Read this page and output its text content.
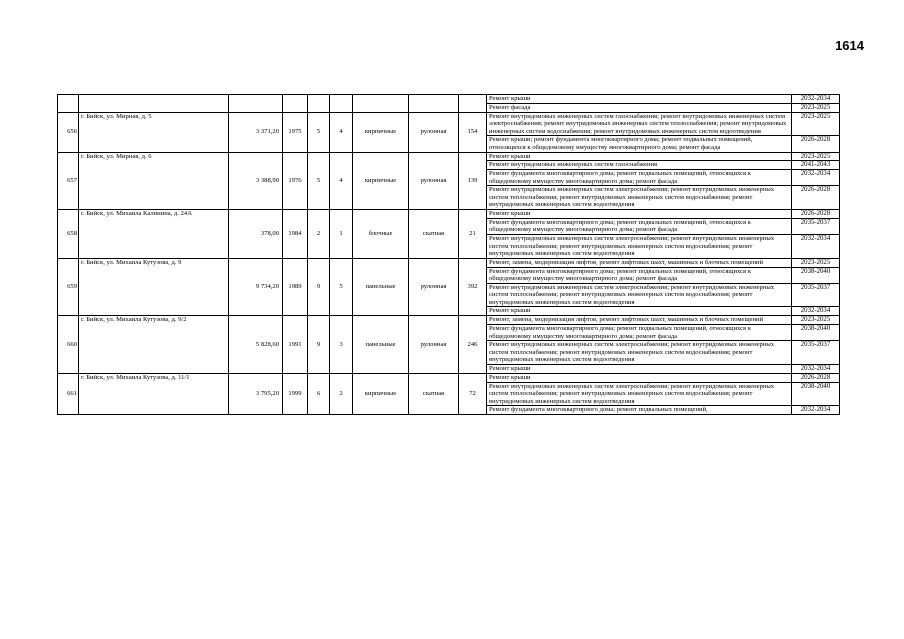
1614
									Ремонт крыши	2032-2034
									Ремонт фасада	2023-2025
656	г. Бийск, ул. Мирная, д. 5	3 371,20	1975	5	4	кирпичные	рулонная	154	Ремонт внутридомовых инженерных систем газоснабжения; ремонт внутридомовых инженерных систем электроснабжения; ремонт внутридомовых инженерных систем теплоснабжения; ремонт внутридомовых инженерных систем водоснабжения; ремонт внутридомовых инженерных систем водоотведения	2023-2025
									Ремонт крыши; ремонт фундамента многоквартирного дома; ремонт подвальных помещений, относящихся к общедомовому имуществу многоквартирного дома; ремонт фасада	2026-2028
657	г. Бийск, ул. Мирная, д. 6	3 388,90	1976	5	4	кирпичные	рулонная	139	Ремонт крыши	2023-2025
									Ремонт внутридомовых инженерных систем газоснабжения	2041-2043
									Ремонт фундамента многоквартирного дома; ремонт подвальных помещений, относящихся к общедомовому имуществу многоквартирного дома; ремонт фасада	2032-2034
									Ремонт внутридомовых инженерных систем электроснабжения; ремонт внутридомовых инженерных систем теплоснабжения; ремонт внутридомовых инженерных систем водоснабжения; ремонт внутридомовых инженерных систем водоотведения	2026-2028
658	г. Бийск, ул. Михаила Калинина, д. 24А	378,00	1984	2	1	блочные	скатная	21	Ремонт крыши	2026-2028
									Ремонт фундамента многоквартирного дома; ремонт подвальных помещений, относящихся к общедомовому имуществу многоквартирного дома; ремонт фасада	2035-2037
									Ремонт внутридомовых инженерных систем электроснабжения; ремонт внутридомовых инженерных систем теплоснабжения; ремонт внутридомовых инженерных систем водоснабжения; ремонт внутридомовых инженерных систем водоотведения	2032-2034
659	г. Бийск, ул. Михаила Кутузова, д. 9	9 734,20	1989	9	5	панельные	рулонная	392	Ремонт, замена, модернизация лифтов, ремонт лифтовых шахт, машинных и блочных помещений	2023-2025
									Ремонт фундамента многоквартирного дома; ремонт подвальных помещений, относящихся к общедомовому имуществу многоквартирного дома; ремонт фасада	2038-2040
									Ремонт внутридомовых инженерных систем электроснабжения; ремонт внутридомовых инженерных систем теплоснабжения; ремонт внутридомовых инженерных систем водоснабжения; ремонт внутридомовых инженерных систем водоотведения	2035-2037
									Ремонт крыши	2032-2034
660	г. Бийск, ул. Михаила Кутузова, д. 9/2	5 828,60	1991	9	3	панельные	рулонная	246	Ремонт, замена, модернизация лифтов, ремонт лифтовых шахт, машинных и блочных помещений	2023-2025
									Ремонт фундамента многоквартирного дома; ремонт подвальных помещений, относящихся к общедомовому имуществу многоквартирного дома; ремонт фасада	2038-2040
									Ремонт внутридомовых инженерных систем электроснабжения; ремонт внутридомовых инженерных систем теплоснабжения; ремонт внутридомовых инженерных систем водоснабжения; ремонт внутридомовых инженерных систем водоотведения	2035-2037
									Ремонт крыши	2032-2034
661	г. Бийск, ул. Михаила Кутузова, д. 11/1	3 795,20	1999	6	2	кирпичные	скатная	72	Ремонт крыши	2026-2028
									Ремонт внутридомовых инженерных систем электроснабжения; ремонт внутридомовых инженерных систем теплоснабжения; ремонт внутридомовых инженерных систем водоснабжения; ремонт внутридомовых инженерных систем водоотведения	2038-2040
									Ремонт фундамента многоквартирного дома; ремонт подвальных помещений,	2032-2034
